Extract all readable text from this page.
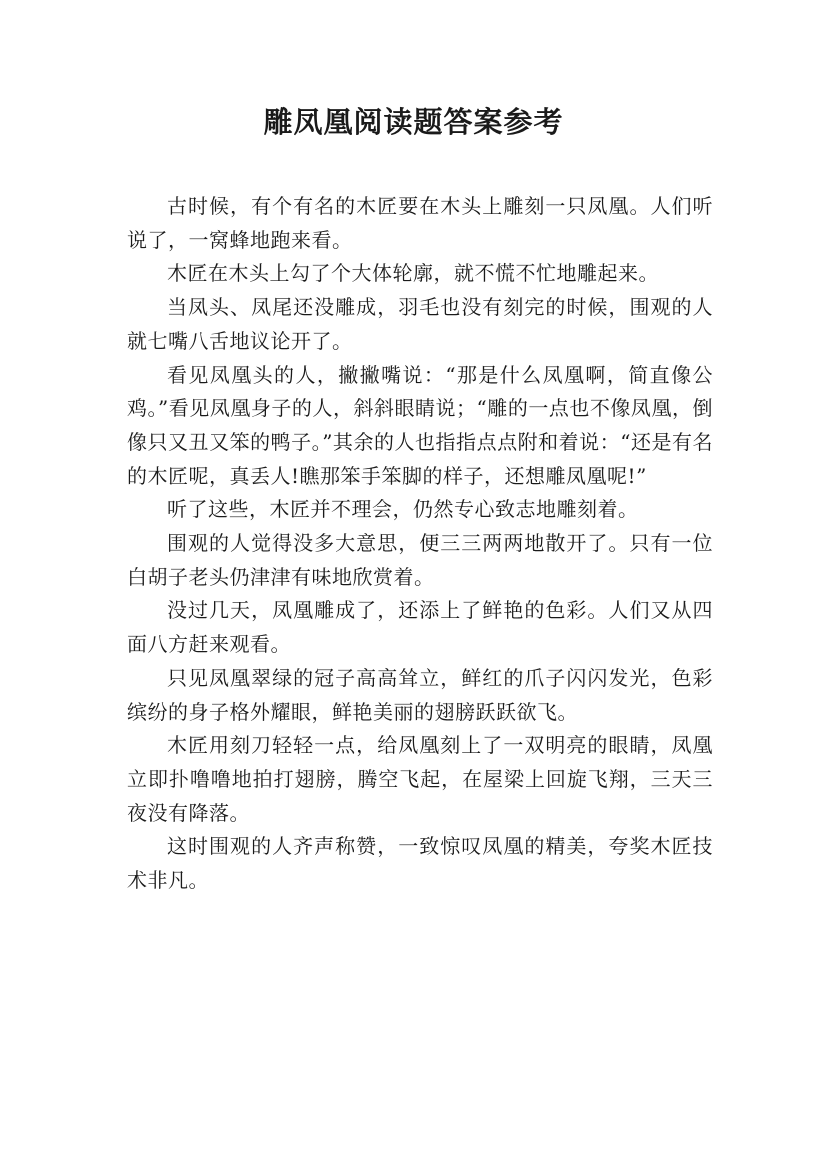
雕凤凰阅读题答案参考

古时候，有个有名的木匠要在木头上雕刻一只凤凰。人们听说了，一窝蜂地跑来看。

木匠在木头上勾了个大体轮廓，就不慌不忙地雕起来。

当凤头、凤尾还没雕成，羽毛也没有刻完的时候，围观的人就七嘴八舌地议论开了。

看见凤凰头的人，撇撇嘴说：“那是什么凤凰啊，简直像公鸡。”看见凤凰身子的人，斜斜眼睛说；“雕的一点也不像凤凰，倒像只又丑又笨的鸭子。”其余的人也指指点点附和着说：“还是有名的木匠呢，真丢人!瞧那笨手笨脚的样子，还想雕凤凰呢!”

听了这些，木匠并不理会，仍然专心致志地雕刻着。

围观的人觉得没多大意思，便三三两两地散开了。只有一位白胡子老头仍津津有味地欣赏着。

没过几天，凤凰雕成了，还添上了鲜艳的色彩。人们又从四面八方赶来观看。

只见凤凰翠绿的冠子高高耸立，鲜红的爪子闪闪发光，色彩缤纷的身子格外耀眼，鲜艳美丽的翅膀跃跃欲飞。

木匠用刻刀轻轻一点，给凤凰刻上了一双明亮的眼睛，凤凰立即扑噜噜地拍打翅膀，腾空飞起，在屋梁上回旋飞翔，三天三夜没有降落。

这时围观的人齐声称赞，一致惊叹凤凰的精美，夸奖木匠技术非凡。
